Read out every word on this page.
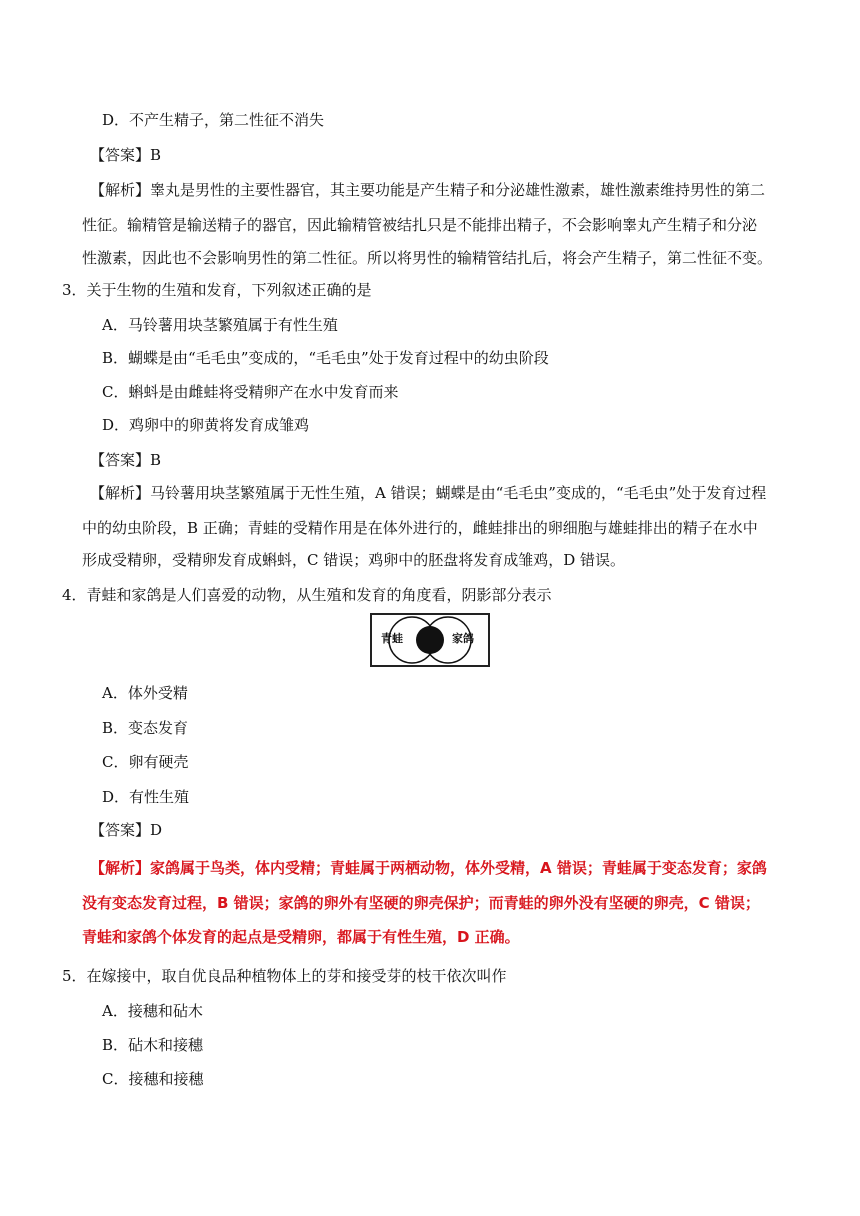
D．不产生精子，第二性征不消失
【答案】B
【解析】睾丸是男性的主要性器官，其主要功能是产生精子和分泌雄性激素，雄性激素维持男性的第二
性征。输精管是输送精子的器官，因此输精管被结扎只是不能排出精子，不会影响睾丸产生精子和分泌
性激素，因此也不会影响男性的第二性征。所以将男性的输精管结扎后，将会产生精子，第二性征不变。
3．关于生物的生殖和发育，下列叙述正确的是
A．马铃薯用块茎繁殖属于有性生殖
B．蝴蝶是由“毛毛虫”变成的，“毛毛虫”处于发育过程中的幼虫阶段
C．蝌蚪是由雌蛙将受精卵产在水中发育而来
D．鸡卵中的卵黄将发育成雏鸡
【答案】B
【解析】马铃薯用块茎繁殖属于无性生殖，A 错误；蝴蝶是由“毛毛虫”变成的，“毛毛虫”处于发育过程
中的幼虫阶段，B 正确；青蛙的受精作用是在体外进行的，雌蛙排出的卵细胞与雄蛙排出的精子在水中
形成受精卵，受精卵发育成蝌蚪，C 错误；鸡卵中的胚盘将发育成雏鸡，D 错误。
4．青蛙和家鸽是人们喜爱的动物，从生殖和发育的角度看，阴影部分表示
青蛙	家鸽
A．体外受精
B．变态发育
C．卵有硬壳
D．有性生殖
【答案】D
【解析】家鸽属于鸟类，体内受精；青蛙属于两栖动物，体外受精，A 错误；青蛙属于变态发育；家鸽
没有变态发育过程，B 错误；家鸽的卵外有坚硬的卵壳保护；而青蛙的卵外没有坚硬的卵壳，C 错误；
青蛙和家鸽个体发育的起点是受精卵，都属于有性生殖，D 正确。
5．在嫁接中，取自优良品种植物体上的芽和接受芽的枝干依次叫作
A．接穗和砧木
B．砧木和接穗
C．接穗和接穗
